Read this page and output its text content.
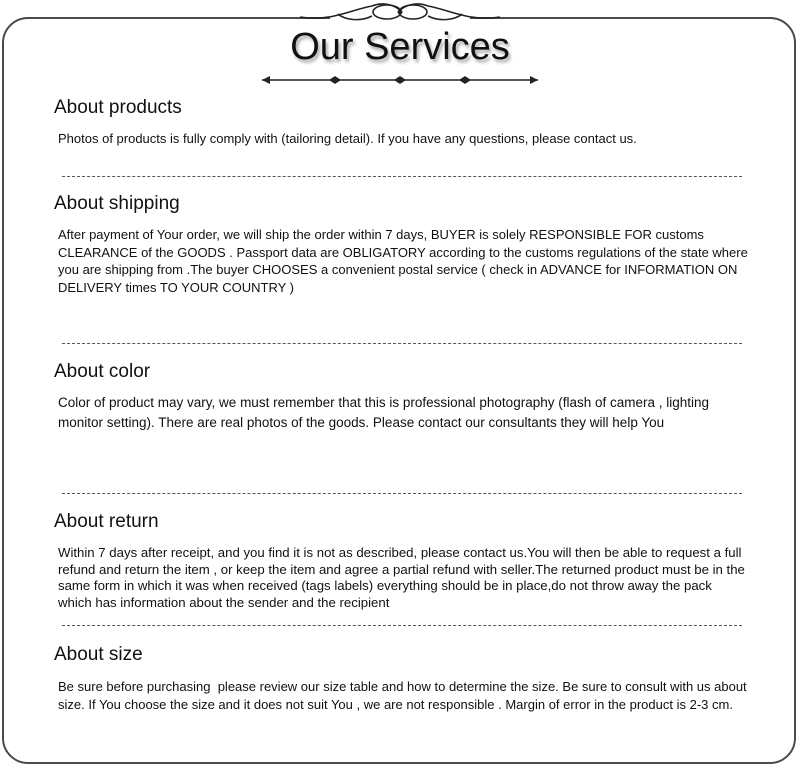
Our Services
About products
Photos of products is fully comply with (tailoring detail). If you have any questions, please contact us.
About shipping
After payment of Your order, we will ship the order within 7 days, BUYER is solely RESPONSIBLE FOR customs CLEARANCE of the GOODS . Passport data are OBLIGATORY according to the customs regulations of the state where you are shipping from .The buyer CHOOSES a convenient postal service ( check in ADVANCE for INFORMATION ON DELIVERY times TO YOUR COUNTRY )
About color
Color of product may vary, we must remember that this is professional photography (flash of camera , lighting monitor setting). There are real photos of the goods. Please contact our consultants they will help You
About return
Within 7 days after receipt, and you find it is not as described, please contact us.You will then be able to request a full refund and return the item , or keep the item and agree a partial refund with seller.The returned product must be in the same form in which it was when received (tags labels) everything should be in place,do not throw away the pack which has information about the sender and the recipient
About size
Be sure before purchasing  please review our size table and how to determine the size. Be sure to consult with us about size. If You choose the size and it does not suit You , we are not responsible . Margin of error in the product is 2-3 cm.
